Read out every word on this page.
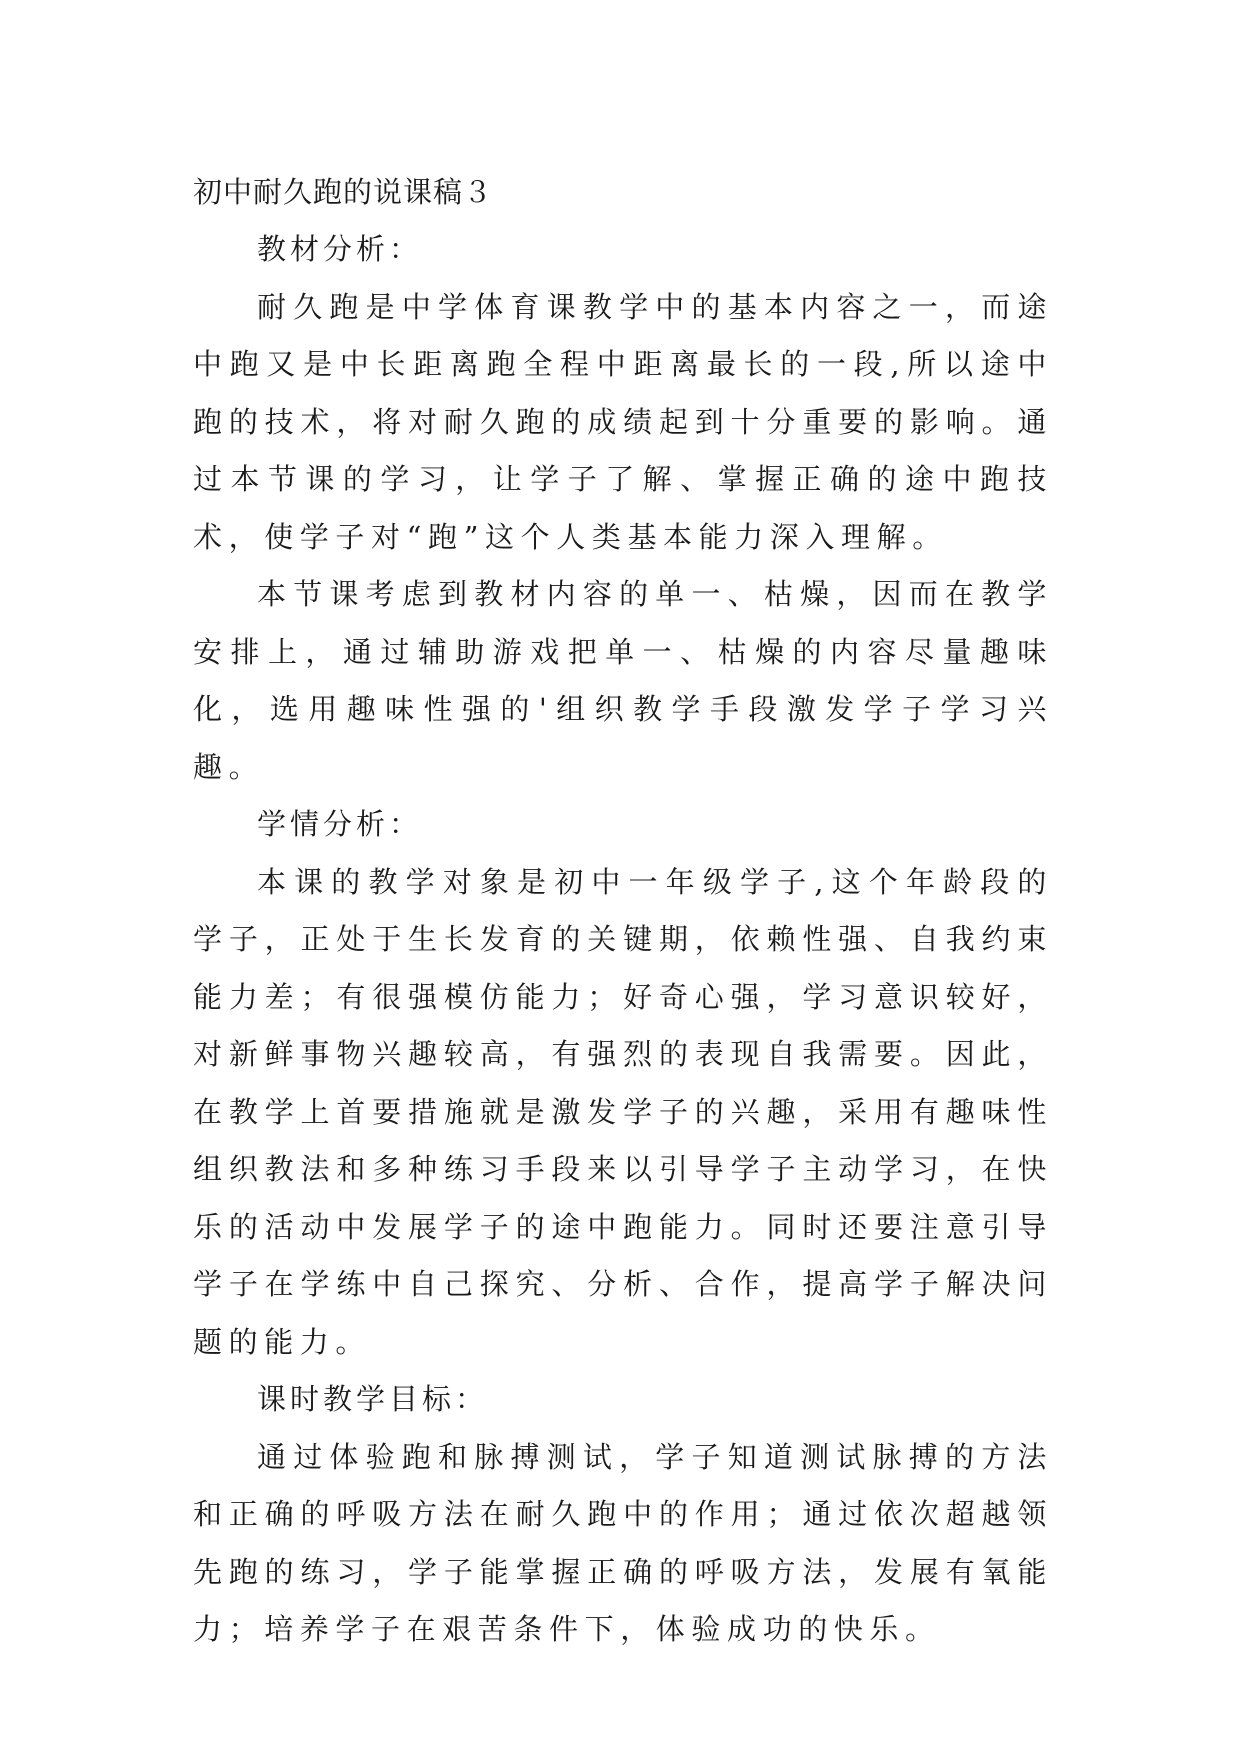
初中耐久跑的说课稿３

教材分析：

耐久跑是中学体育课教学中的基本内容之一，而途中跑又是中长距离跑全程中距离最长的一段,所以途中跑的技术，将对耐久跑的成绩起到十分重要的影响。通过本节课的学习，让学子了解、掌握正确的途中跑技术，使学子对“跑”这个人类基本能力深入理解。

本节课考虑到教材内容的单一、枯燥，因而在教学安排上，通过辅助游戏把单一、枯燥的内容尽量趣味化，选用趣味性强的'组织教学手段激发学子学习兴趣。

学情分析：

本课的教学对象是初中一年级学子,这个年龄段的学子，正处于生长发育的关键期，依赖性强、自我约束能力差；有很强模仿能力；好奇心强，学习意识较好，对新鲜事物兴趣较高，有强烈的表现自我需要。因此，在教学上首要措施就是激发学子的兴趣，采用有趣味性组织教法和多种练习手段来以引导学子主动学习，在快乐的活动中发展学子的途中跑能力。同时还要注意引导学子在学练中自己探究、分析、合作，提高学子解决问题的能力。

课时教学目标：

通过体验跑和脉搏测试，学子知道测试脉搏的方法和正确的呼吸方法在耐久跑中的作用；通过依次超越领先跑的练习，学子能掌握正确的呼吸方法，发展有氧能力；培养学子在艰苦条件下，体验成功的快乐。
